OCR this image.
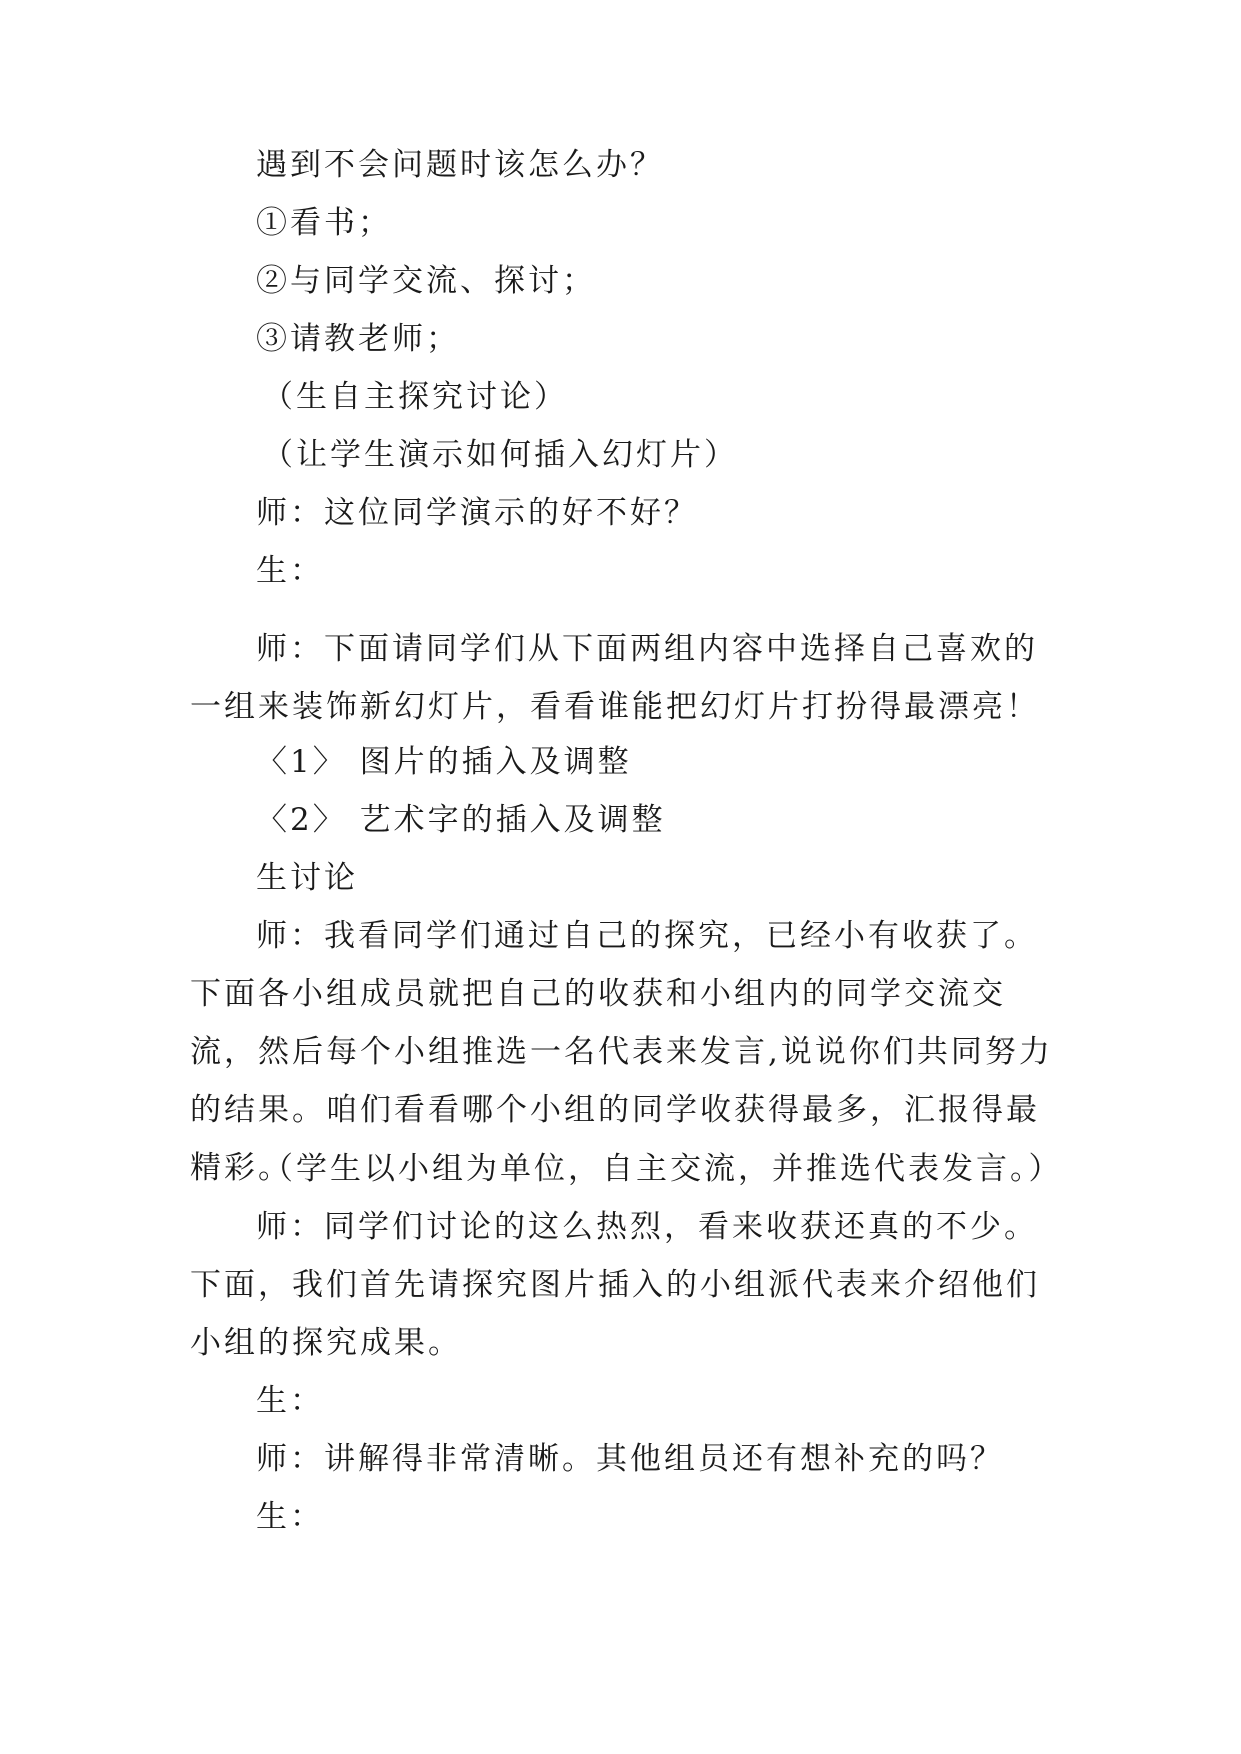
遇到不会问题时该怎么办？
①看书；
②与同学交流、探讨；
③请教老师；
（生自主探究讨论）
（让学生演示如何插入幻灯片）
师：这位同学演示的好不好？
生：
师：下面请同学们从下面两组内容中选择自己喜欢的一组来装饰新幻灯片，看看谁能把幻灯片打扮得最漂亮！
〈1〉 图片的插入及调整
〈2〉 艺术字的插入及调整
生讨论
师：我看同学们通过自己的探究，已经小有收获了。下面各小组成员就把自己的收获和小组内的同学交流交流，然后每个小组推选一名代表来发言,说说你们共同努力的结果。咱们看看哪个小组的同学收获得最多，汇报得最精彩。
（学生以小组为单位，自主交流，并推选代表发言。）
师：同学们讨论的这么热烈，看来收获还真的不少。下面，我们首先请探究图片插入的小组派代表来介绍他们小组的探究成果。
生：
师：讲解得非常清晰。其他组员还有想补充的吗？
生：
